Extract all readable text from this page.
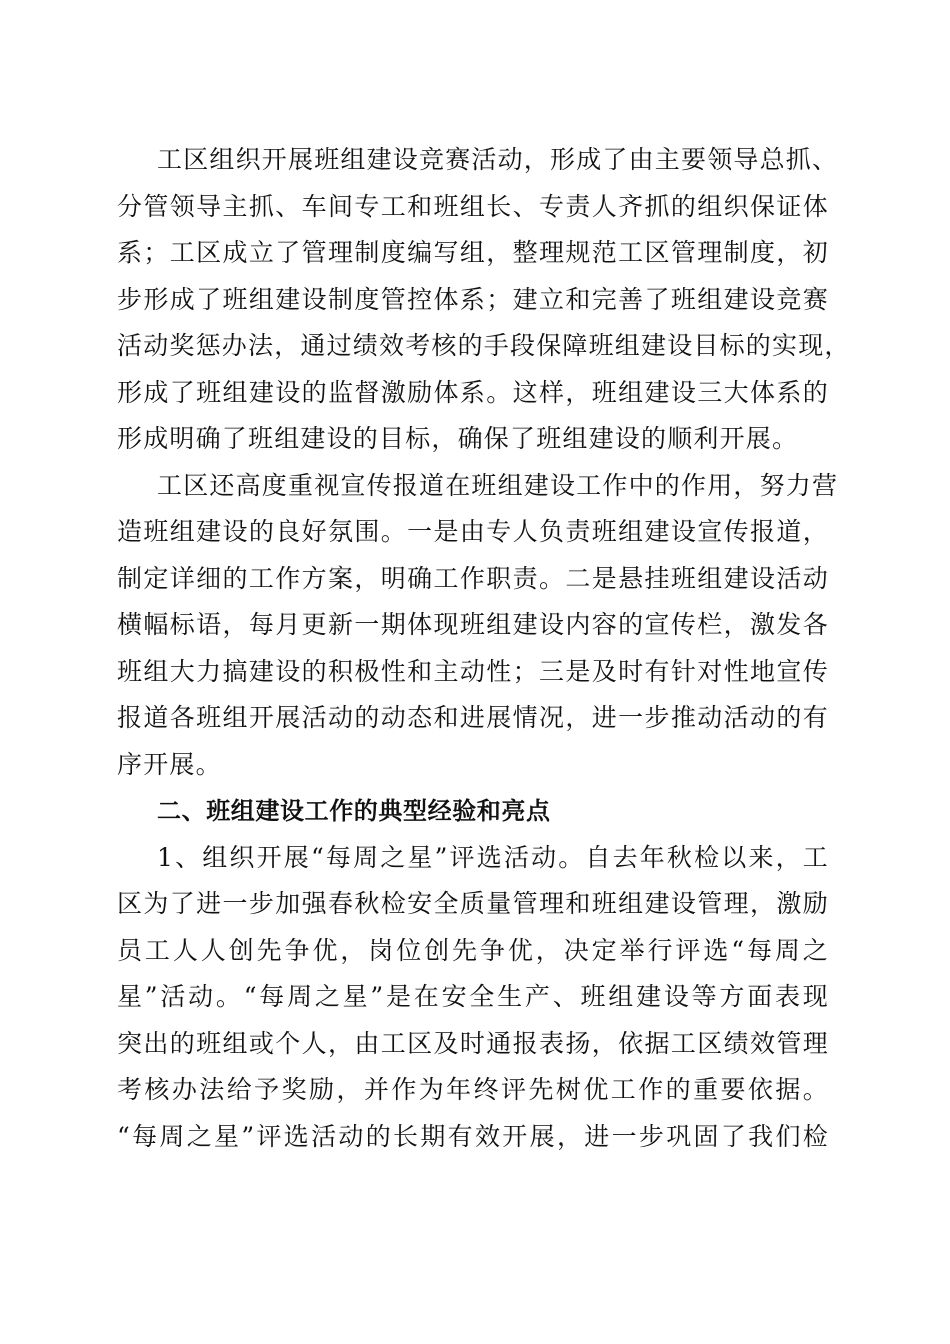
工区组织开展班组建设竞赛活动，形成了由主要领导总抓、
分管领导主抓、车间专工和班组长、专责人齐抓的组织保证体
系；工区成立了管理制度编写组，整理规范工区管理制度，初
步形成了班组建设制度管控体系；建立和完善了班组建设竞赛
活动奖惩办法，通过绩效考核的手段保障班组建设目标的实现，
形成了班组建设的监督激励体系。这样，班组建设三大体系的
形成明确了班组建设的目标，确保了班组建设的顺利开展。
工区还高度重视宣传报道在班组建设工作中的作用，努力营
造班组建设的良好氛围。一是由专人负责班组建设宣传报道，
制定详细的工作方案，明确工作职责。二是悬挂班组建设活动
横幅标语，每月更新一期体现班组建设内容的宣传栏，激发各
班组大力搞建设的积极性和主动性；三是及时有针对性地宣传
报道各班组开展活动的动态和进展情况，进一步推动活动的有
序开展。
二、班组建设工作的典型经验和亮点
1、组织开展“每周之星”评选活动。自去年秋检以来，工
区为了进一步加强春秋检安全质量管理和班组建设管理，激励
员工人人创先争优，岗位创先争优，决定举行评选“每周之
星”活动。“每周之星”是在安全生产、班组建设等方面表现
突出的班组或个人，由工区及时通报表扬，依据工区绩效管理
考核办法给予奖励，并作为年终评先树优工作的重要依据。
“每周之星”评选活动的长期有效开展，进一步巩固了我们检
